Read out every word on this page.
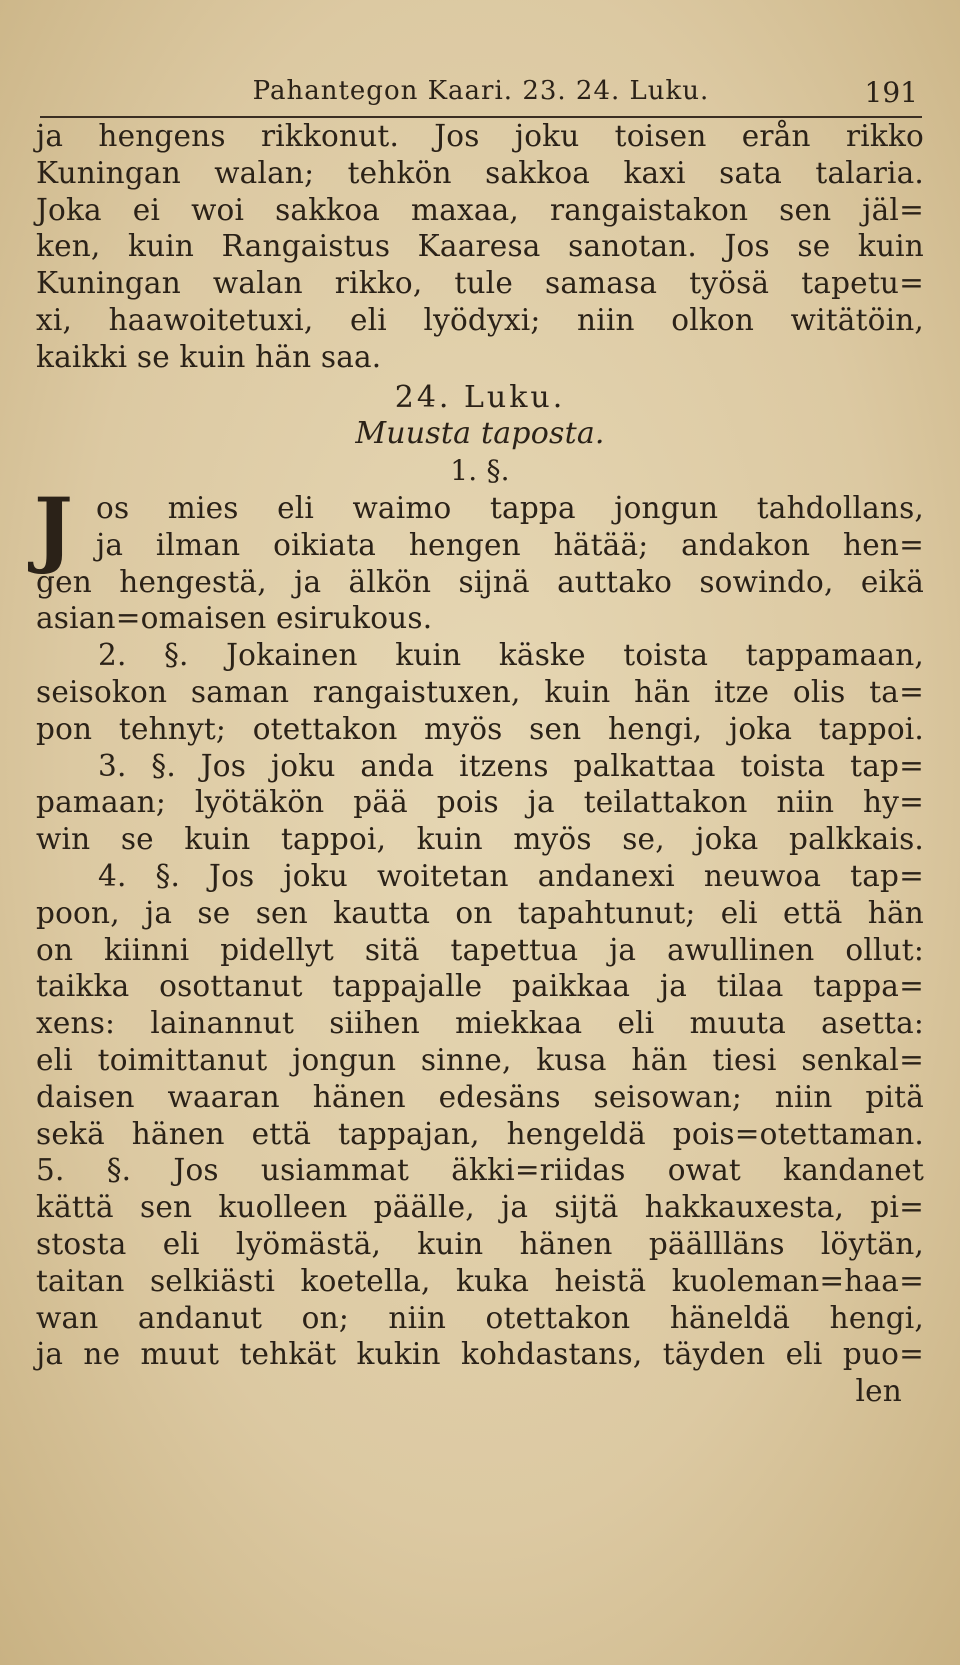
Pahantegon Kaari. 23. 24. Luku.	191
ja hengens rikkonut. Jos joku toisen erån rikko
Kuningan walan; tehkön sakkoa kaxi sata talaria.
Joka ei woi sakkoa maxaa, rangaistakon sen jäl=
ken, kuin Rangaistus Kaaresa sanotan. Jos se kuin
Kuningan walan rikko, tule samasa työsä tapetu=
xi, haawoitetuxi, eli lyödyxi; niin olkon witätöin,
kaikki se kuin hän saa.
24. Luku.
Muusta taposta.
1. §.
J os mies eli waimo tappa jongun tahdollans,
ja ilman oikiata hengen hätää; andakon hen=
gen hengestä, ja älkön sijnä auttako sowindo, eikä
asian=omaisen esirukous.
2. §. Jokainen kuin käske toista tappamaan,
seisokon saman rangaistuxen, kuin hän itze olis ta=
pon tehnyt; otettakon myös sen hengi, joka tappoi.
3. §. Jos joku anda itzens palkattaa toista tap=
pamaan; lyötäkön pää pois ja teilattakon niin hy=
win se kuin tappoi, kuin myös se, joka palkkais.
4. §. Jos joku woitetan andanexi neuwoa tap=
poon, ja se sen kautta on tapahtunut; eli että hän
on kiinni pidellyt sitä tapettua ja awullinen ollut:
taikka osottanut tappajalle paikkaa ja tilaa tappa=
xens: lainannut siihen miekkaa eli muuta asetta:
eli toimittanut jongun sinne, kusa hän tiesi senkal=
daisen waaran hänen edesäns seisowan; niin pitä
sekä hänen että tappajan, hengeldä pois=otettaman.
5. §. Jos usiammat äkki=riidas owat kandanet
kättä sen kuolleen päälle, ja sijtä hakkauxesta, pi=
stosta eli lyömästä, kuin hänen päällläns löytän,
taitan selkiästi koetella, kuka heistä kuoleman=haa=
wan andanut on; niin otettakon häneldä hengi,
ja ne muut tehkät kukin kohdastans, täyden eli puo=
len
